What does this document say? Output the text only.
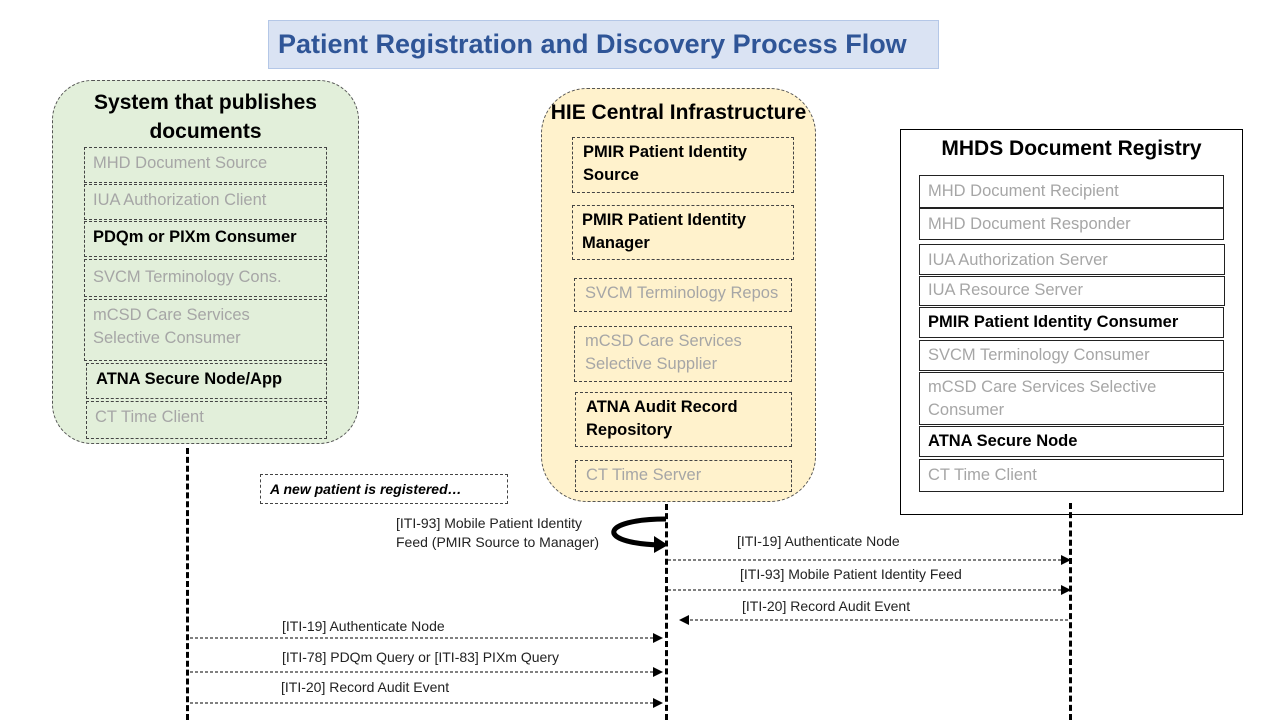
Patient Registration and Discovery Process Flow
System that publishes documents
MHD Document Source
IUA Authorization Client
PDQm or PIXm Consumer
SVCM Terminology Cons.
mCSD Care Services Selective Consumer
ATNA Secure Node/App
CT Time Client
HIE Central Infrastructure
PMIR Patient Identity Source
PMIR Patient Identity Manager
SVCM Terminology Repos
mCSD Care Services Selective Supplier
ATNA Audit Record Repository
CT Time Server
MHDS Document Registry
MHD Document Recipient
MHD Document Responder
IUA Authorization Server
IUA Resource Server
PMIR Patient Identity Consumer
SVCM Terminology Consumer
mCSD Care Services Selective Consumer
ATNA Secure Node
CT Time Client
A new patient is registered…
[ITI-93] Mobile Patient Identity Feed (PMIR Source to Manager)	[ITI-19] Authenticate Node
[ITI-93] Mobile Patient Identity Feed
[ITI-20] Record Audit Event
[ITI-19] Authenticate Node
[ITI-78] PDQm Query or [ITI-83] PIXm Query
[ITI-20] Record Audit Event
